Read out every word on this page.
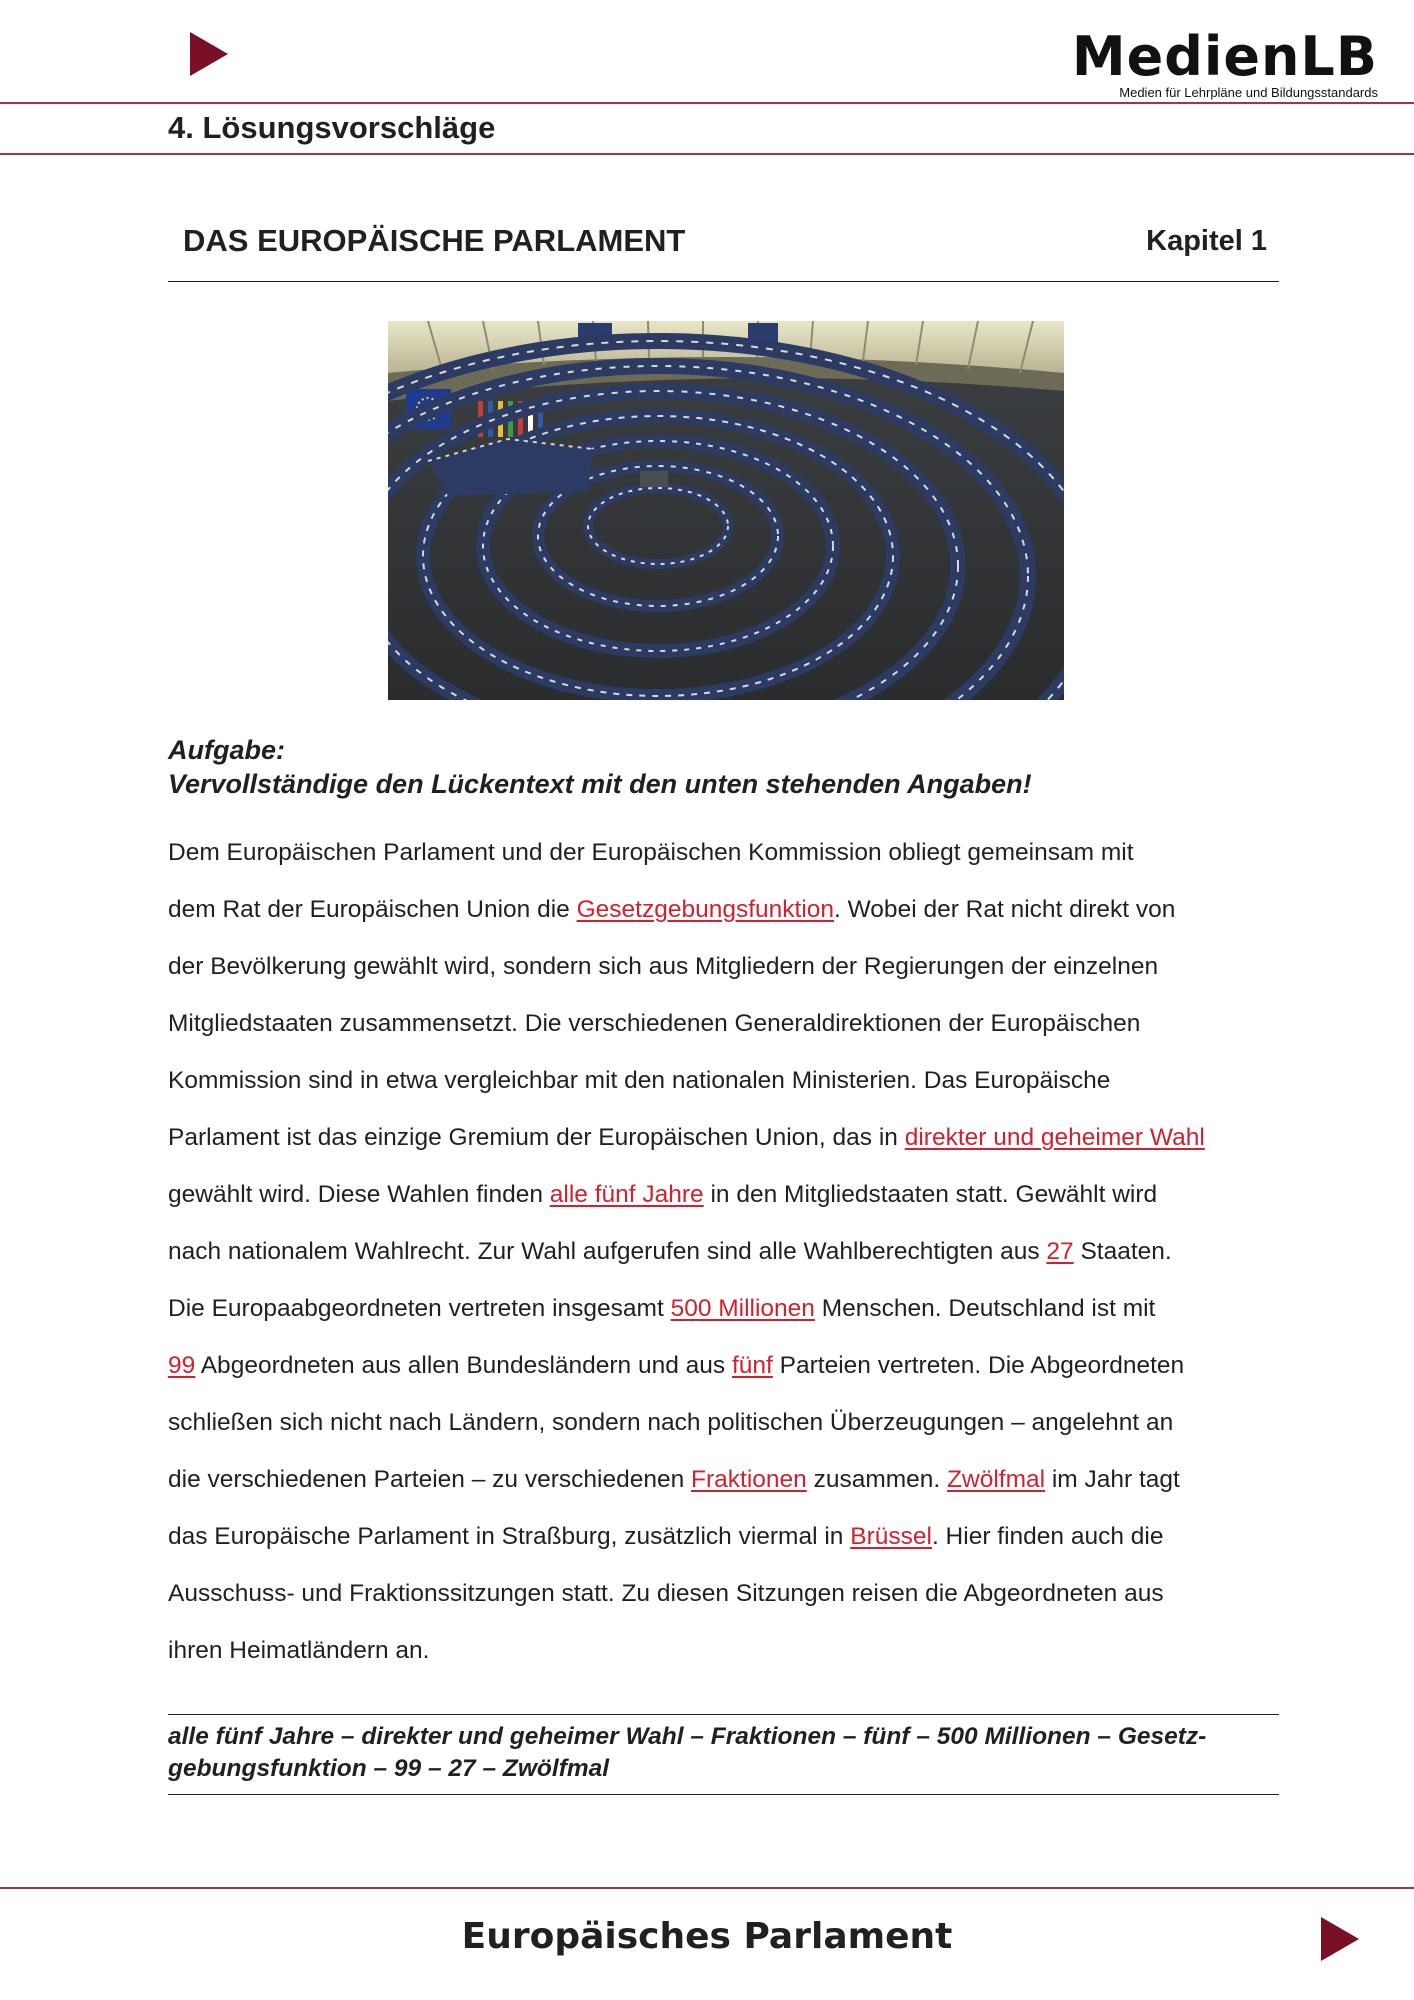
MedienLB
Medien für Lehrpläne und Bildungsstandards
4. Lösungsvorschläge
DAS EUROPÄISCHE PARLAMENT	Kapitel 1
Aufgabe:
Vervollständige den Lückentext mit den unten stehenden Angaben!
Dem Europäischen Parlament und der Europäischen Kommission obliegt gemeinsam mit
dem Rat der Europäischen Union die Gesetzgebungsfunktion. Wobei der Rat nicht direkt von
der Bevölkerung gewählt wird, sondern sich aus Mitgliedern der Regierungen der einzelnen
Mitgliedstaaten zusammensetzt. Die verschiedenen Generaldirektionen der Europäischen
Kommission sind in etwa vergleichbar mit den nationalen Ministerien. Das Europäische
Parlament ist das einzige Gremium der Europäischen Union, das in direkter und geheimer Wahl
gewählt wird. Diese Wahlen finden alle fünf Jahre in den Mitgliedstaaten statt. Gewählt wird
nach nationalem Wahlrecht. Zur Wahl aufgerufen sind alle Wahlberechtigten aus 27 Staaten.
Die Europaabgeordneten vertreten insgesamt 500 Millionen Menschen. Deutschland ist mit
99 Abgeordneten aus allen Bundesländern und aus fünf Parteien vertreten. Die Abgeordneten
schließen sich nicht nach Ländern, sondern nach politischen Überzeugungen – angelehnt an
die verschiedenen Parteien – zu verschiedenen Fraktionen zusammen. Zwölfmal im Jahr tagt
das Europäische Parlament in Straßburg, zusätzlich viermal in Brüssel. Hier finden auch die
Ausschuss- und Fraktionssitzungen statt. Zu diesen Sitzungen reisen die Abgeordneten aus
ihren Heimatländern an.
alle fünf Jahre – direkter und geheimer Wahl – Fraktionen – fünf – 500 Millionen – Gesetz-
gebungsfunktion – 99 – 27 – Zwölfmal
Europäisches Parlament
